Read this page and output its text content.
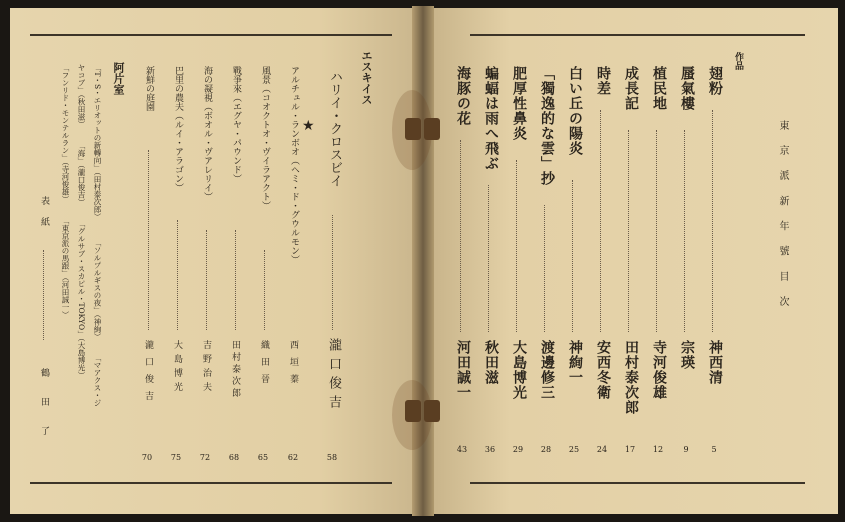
東 京 派 新 年 號 目 次
作品
翅粉
神西清
5
蜃氣樓
宗瑛
9
植民地
寺河俊雄
12
成長記
田村泰次郎
17
時差
安西冬衛
24
白い丘の陽炎
神絢一
25
「獨逸的な雲」抄
渡邊修三
28
肥厚性鼻炎
大島博光
29
蝙蝠は雨へ飛ぶ
秋田滋
36
海豚の花
河田誠一
43
エスキイス
ハリイ・クロスビイ
瀧口俊吉
58
★
アルチュル・ランボオ（ヘミ・ド・グウルモン）
西垣蓁
62
風景（コオクトオ・ヴイラアクト）
織田晉
65
戰爭來（エグヤ・パウンド）
田村泰次郎
68
海の凝視（ボオル・ヴアレリイ）
吉野治夫
72
巴里の農夫（ルイ・アラゴン）
大島博光
75
新鮮の庭園
瀧口俊吉
70
阿片室
「T・S・エリオットの新轉向」（田村泰次郎） 「ソルプルギスの夜」（神絢） 「マアクス・ジ
ヤコブ」（秋田滋） 「海」（瀧口俊吉） 「グルサブ・スカピル・TOKYO」（大島博光）
「フンリド・モンテルラン」（寺河俊雄） 「東京派の馬跟」（河田誠一）
表紙
鶴田了
